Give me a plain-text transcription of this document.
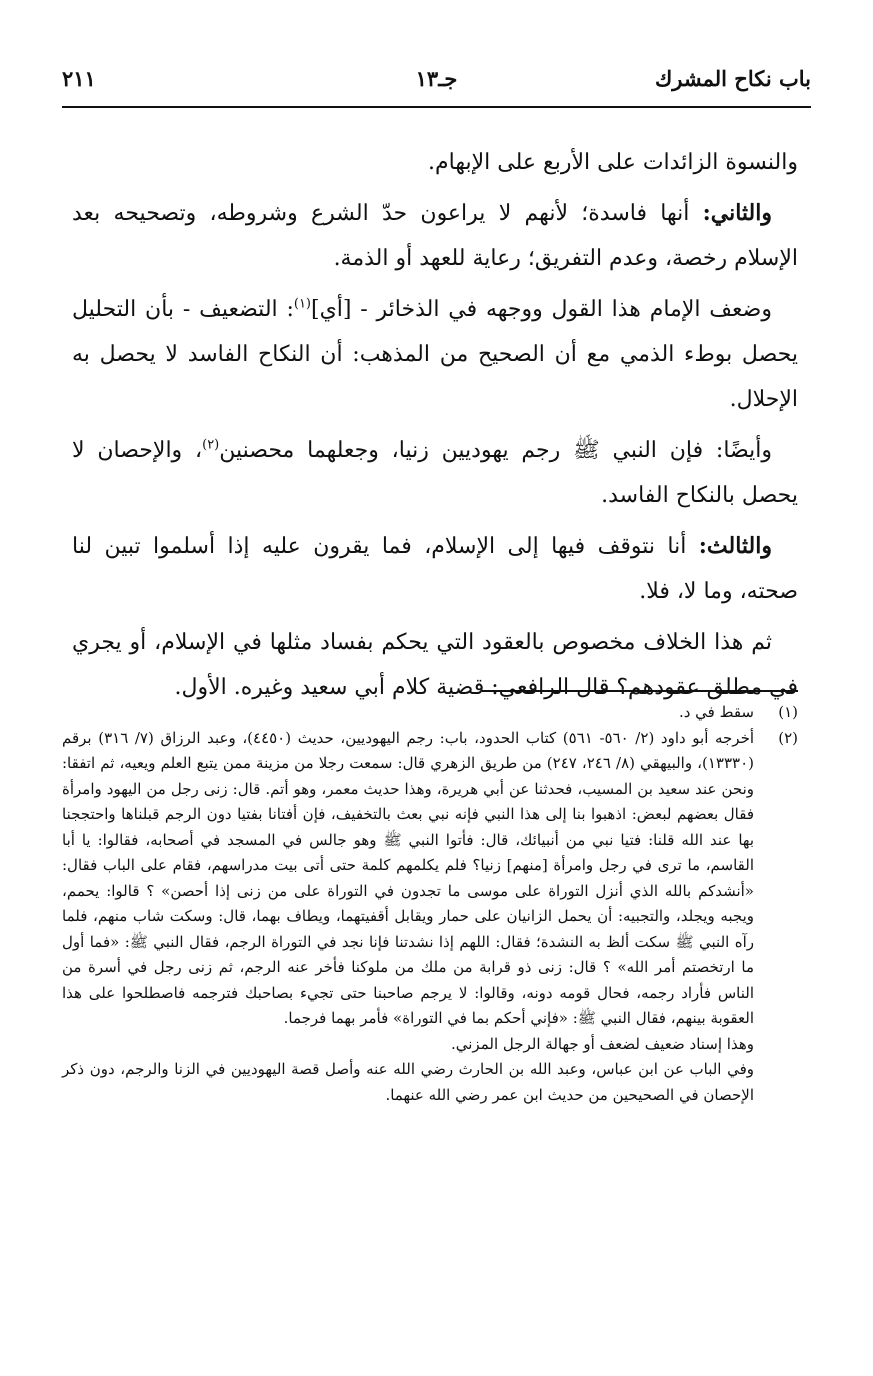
باب نكاح المشرك
جـ١٣
٢١١

والنسوة الزائدات على الأربع على الإبهام.

والثاني: أنها فاسدة؛ لأنهم لا يراعون حدّ الشرع وشروطه، وتصحيحه بعد الإسلام رخصة، وعدم التفريق؛ رعاية للعهد أو الذمة.

وضعف الإمام هذا القول ووجهه في الذخائر - [أي]$^{(١)}$: التضعيف - بأن التحليل يحصل بوطء الذمي مع أن الصحيح من المذهب: أن النكاح الفاسد لا يحصل به الإحلال.

وأيضًا: فإن النبي ﷺ رجم يهوديين زنيا، وجعلهما محصنين$^{(٢)}$، والإحصان لا يحصل بالنكاح الفاسد.

والثالث: أنا نتوقف فيها إلى الإسلام، فما يقرون عليه إذا أسلموا تبين لنا صحته، وما لا، فلا.

ثم هذا الخلاف مخصوص بالعقود التي يحكم بفساد مثلها في الإسلام، أو يجري في مطلق عقودهم؟ قال الرافعي: قضية كلام أبي سعيد وغيره. الأول.

(١)

سقط في د.

(٢)

أخرجه أبو داود (٢/ ٥٦٠- ٥٦١) كتاب الحدود، باب: رجم اليهوديين، حديث (٤٤٥٠)، وعبد الرزاق (٧/ ٣١٦) برقم (١٣٣٣٠)، والبيهقي (٨/ ٢٤٦، ٢٤٧) من طريق الزهري قال: سمعت رجلا من مزينة ممن يتبع العلم ويعيه، ثم اتفقا: ونحن عند سعيد بن المسيب، فحدثنا عن أبي هريرة، وهذا حديث معمر، وهو أتم. قال: زنى رجل من اليهود وامرأة فقال بعضهم لبعض: اذهبوا بنا إلى هذا النبي فإنه نبي بعث بالتخفيف، فإن أفتانا بفتيا دون الرجم قبلناها واحتججنا بها عند الله قلنا: فتيا نبي من أنبيائك، قال: فأتوا النبي ﷺ وهو جالس في المسجد في أصحابه، فقالوا: يا أبا القاسم، ما ترى في رجل وامرأة [منهم] زنيا؟ فلم يكلمهم كلمة حتى أتى بيت مدراسهم، فقام على الباب فقال: «أنشدكم بالله الذي أنزل التوراة على موسى ما تجدون في التوراة على من زنى إذا أحصن» ؟ قالوا: يحمم، ويجبه ويجلد، والتجبيه: أن يحمل الزانيان على حمار ويقابل أقفيتهما، ويطاف بهما، قال: وسكت شاب منهم، فلما رآه النبي ﷺ سكت ألظ به النشدة؛ فقال: اللهم إذا نشدتنا فإنا نجد في التوراة الرجم، فقال النبي ﷺ: «فما أول ما ارتخصتم أمر الله» ؟ قال: زنى ذو قرابة من ملك من ملوكنا فأخر عنه الرجم، ثم زنى رجل في أسرة من الناس فأراد رجمه، فحال قومه دونه، وقالوا: لا يرجم صاحبنا حتى تجيء بصاحبك فترجمه فاصطلحوا على هذا العقوبة بينهم، فقال النبي ﷺ: «فإني أحكم بما في التوراة» فأمر بهما فرجما.

وهذا إسناد ضعيف لضعف أو جهالة الرجل المزني.

وفي الباب عن ابن عباس، وعبد الله بن الحارث رضي الله عنه وأصل قصة اليهوديين في الزنا والرجم، دون ذكر الإحصان في الصحيحين من حديث ابن عمر رضي الله عنهما.
